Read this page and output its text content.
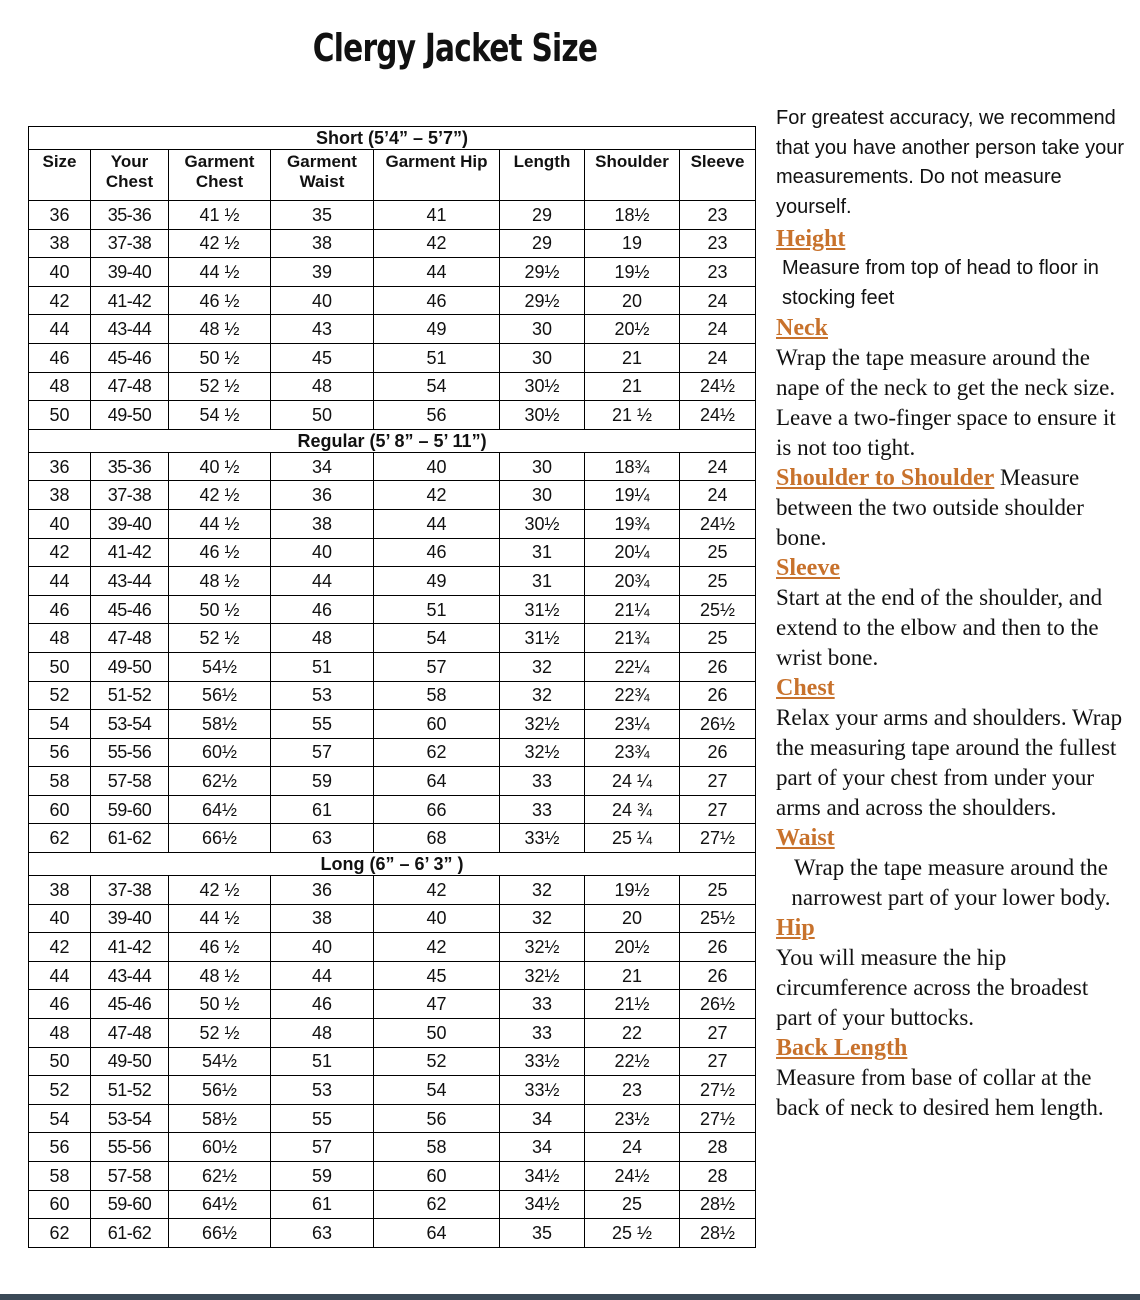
Clergy Jacket Size
Short (5’4” – 5’7”)							
Size	Your Chest	Garment Chest	Garment Waist	Garment Hip	Length	Shoulder	Sleeve
36	35-36	41 ½	35	41	29	18½	23
38	37-38	42 ½	38	42	29	19	23
40	39-40	44 ½	39	44	29½	19½	23
42	41-42	46 ½	40	46	29½	20	24
44	43-44	48 ½	43	49	30	20½	24
46	45-46	50 ½	45	51	30	21	24
48	47-48	52 ½	48	54	30½	21	24½
50	49-50	54 ½	50	56	30½	21 ½	24½
Regular (5’ 8” – 5’ 11”)							
36	35-36	40 ½	34	40	30	18¾	24
38	37-38	42 ½	36	42	30	19¼	24
40	39-40	44 ½	38	44	30½	19¾	24½
42	41-42	46 ½	40	46	31	20¼	25
44	43-44	48 ½	44	49	31	20¾	25
46	45-46	50 ½	46	51	31½	21¼	25½
48	47-48	52 ½	48	54	31½	21¾	25
50	49-50	54½	51	57	32	22¼	26
52	51-52	56½	53	58	32	22¾	26
54	53-54	58½	55	60	32½	23¼	26½
56	55-56	60½	57	62	32½	23¾	26
58	57-58	62½	59	64	33	24 ¼	27
60	59-60	64½	61	66	33	24 ¾	27
62	61-62	66½	63	68	33½	25 ¼	27½
Long (6” – 6’ 3” )							
38	37-38	42 ½	36	42	32	19½	25
40	39-40	44 ½	38	40	32	20	25½
42	41-42	46 ½	40	42	32½	20½	26
44	43-44	48 ½	44	45	32½	21	26
46	45-46	50 ½	46	47	33	21½	26½
48	47-48	52 ½	48	50	33	22	27
50	49-50	54½	51	52	33½	22½	27
52	51-52	56½	53	54	33½	23	27½
54	53-54	58½	55	56	34	23½	27½
56	55-56	60½	57	58	34	24	28
58	57-58	62½	59	60	34½	24½	28
60	59-60	64½	61	62	34½	25	28½
62	61-62	66½	63	64	35	25 ½	28½
For greatest accuracy, we recommend that you have another person take your measurements. Do not measure yourself.
Height
Measure from top of head to floor in stocking feet
Neck
Wrap the tape measure around the nape of the neck to get the neck size. Leave a two-finger space to ensure it is not too tight.
Shoulder to Shoulder Measure between the two outside shoulder bone.
Sleeve
Start at the end of the shoulder, and extend to the elbow and then to the wrist bone.
Chest
Relax your arms and shoulders. Wrap the measuring tape around the fullest part of your chest from under your arms and across the shoulders.
Waist
Wrap the tape measure around the narrowest part of your lower body.
Hip
You will measure the hip circumference across the broadest part of your buttocks.
Back Length
Measure from base of collar at the back of neck to desired hem length.
